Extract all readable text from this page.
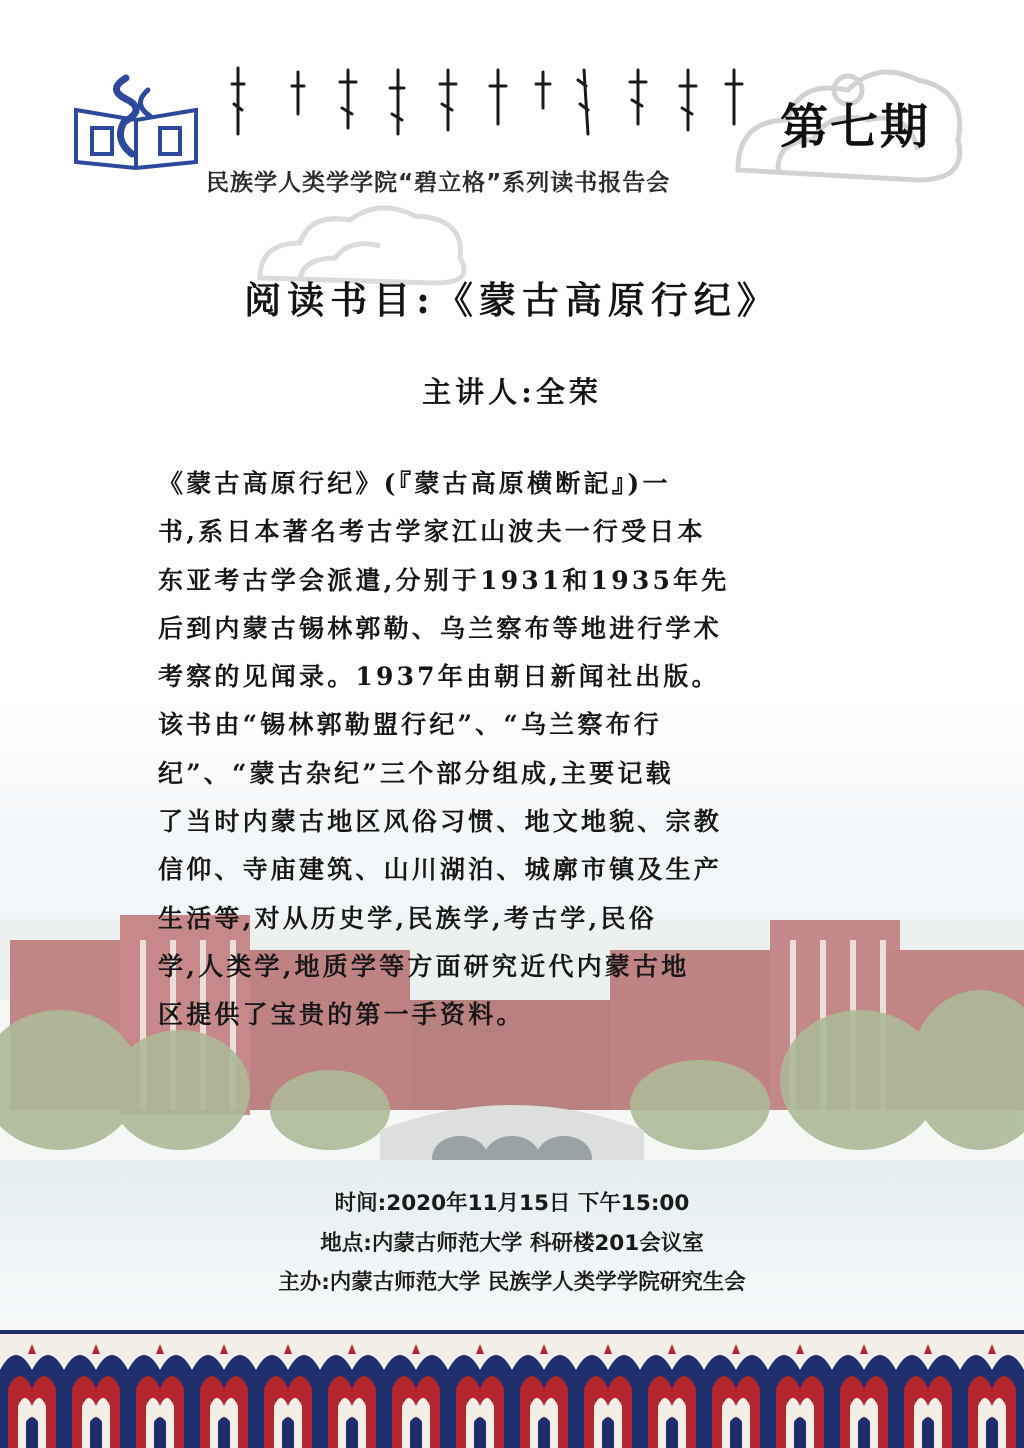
第七期
民族学人类学学院“碧立格”系列读书报告会
阅读书目:《蒙古高原行纪》
主讲人:全荣
《蒙古高原行纪》(『蒙古高原横断記』)一
书,系日本著名考古学家江山波夫一行受日本
东亚考古学会派遣,分别于1931和1935年先
后到内蒙古锡林郭勒、乌兰察布等地进行学术
考察的见闻录。1937年由朝日新闻社出版。
该书由“锡林郭勒盟行纪”、“乌兰察布行
纪”、“蒙古杂纪”三个部分组成,主要记载
了当时内蒙古地区风俗习惯、地文地貌、宗教
信仰、寺庙建筑、山川湖泊、城廓市镇及生产
生活等,对从历史学,民族学,考古学,民俗
学,人类学,地质学等方面研究近代内蒙古地
区提供了宝贵的第一手资料。
时间:2020年11月15日 下午15:00
地点:内蒙古师范大学 科研楼201会议室
主办:内蒙古师范大学 民族学人类学学院研究生会
